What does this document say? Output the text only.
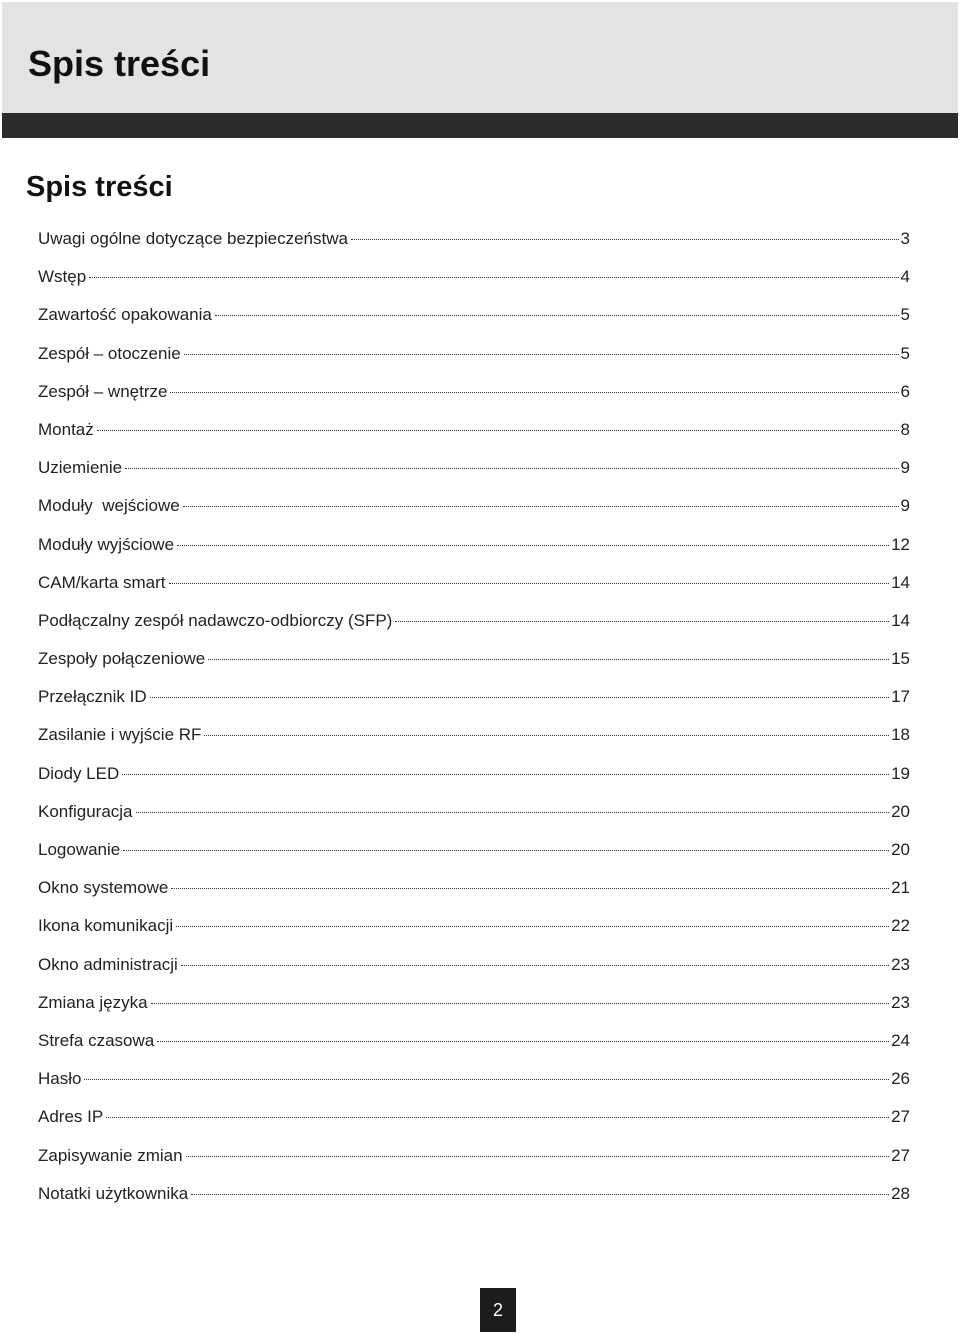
Spis treści
Spis treści
Uwagi ogólne dotyczące bezpieczeństwa	3
Wstęp	4
Zawartość opakowania	5
Zespół – otoczenie	5
Zespół – wnętrze	6
Montaż	8
Uziemienie	9
Moduły  wejściowe	9
Moduły wyjściowe	12
CAM/karta smart	14
Podłączalny zespół nadawczo-odbiorczy (SFP)	14
Zespoły połączeniowe	15
Przełącznik ID	17
Zasilanie i wyjście RF	18
Diody LED	19
Konfiguracja	20
Logowanie	20
Okno systemowe	21
Ikona komunikacji	22
Okno administracji	23
Zmiana języka	23
Strefa czasowa	24
Hasło	26
Adres IP	27
Zapisywanie zmian	27
Notatki użytkownika	28
2
